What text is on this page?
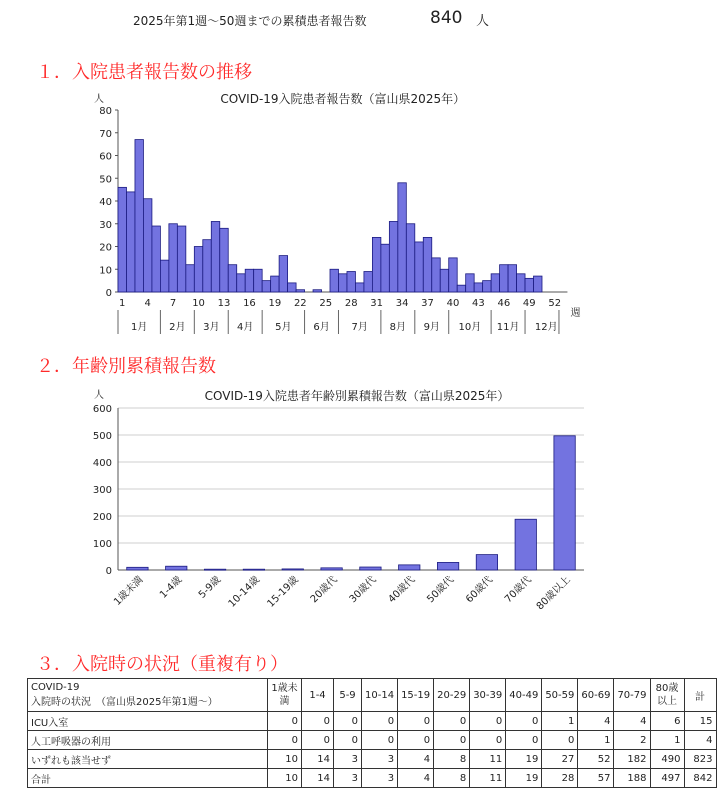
2025年第1週～50週までの累積患者報告数	840 人
１．入院患者報告数の推移
２．年齢別累積報告数
３．入院時の状況（重複有り）
COVID-19入院患者報告数（富山県2025年）
人
0
10
20
30
40
50
60
70
80
1 4 7 10 13 16 19 22 25 28 31 34 37 40 43 46 49 52
週
1月 2月 3月 4月 5月 6月 7月 8月 9月 10月 11月 12月
COVID-19入院患者年齢別累積報告数（富山県2025年）
人
0
100
200
300
400
500
600
1歳未満 1-4歳 5-9歳 10-14歳 15-19歳 20歳代 30歳代 40歳代 50歳代 60歳代 70歳代 80歳以上
COVID-19
入院時の状況　（富山県2025年第1週～）	1歳未満	1-4	5-9	10-14	15-19	20-29	30-39	40-49	50-59	60-69	70-79	80歳以上	計
ICU入室	0	0	0	0	0	0	0	0	1	4	4	6	15
人工呼吸器の利用	0	0	0	0	0	0	0	0	0	1	2	1	4
いずれも該当せず	10	14	3	3	4	8	11	19	27	52	182	490	823
合計	10	14	3	3	4	8	11	19	28	57	188	497	842
